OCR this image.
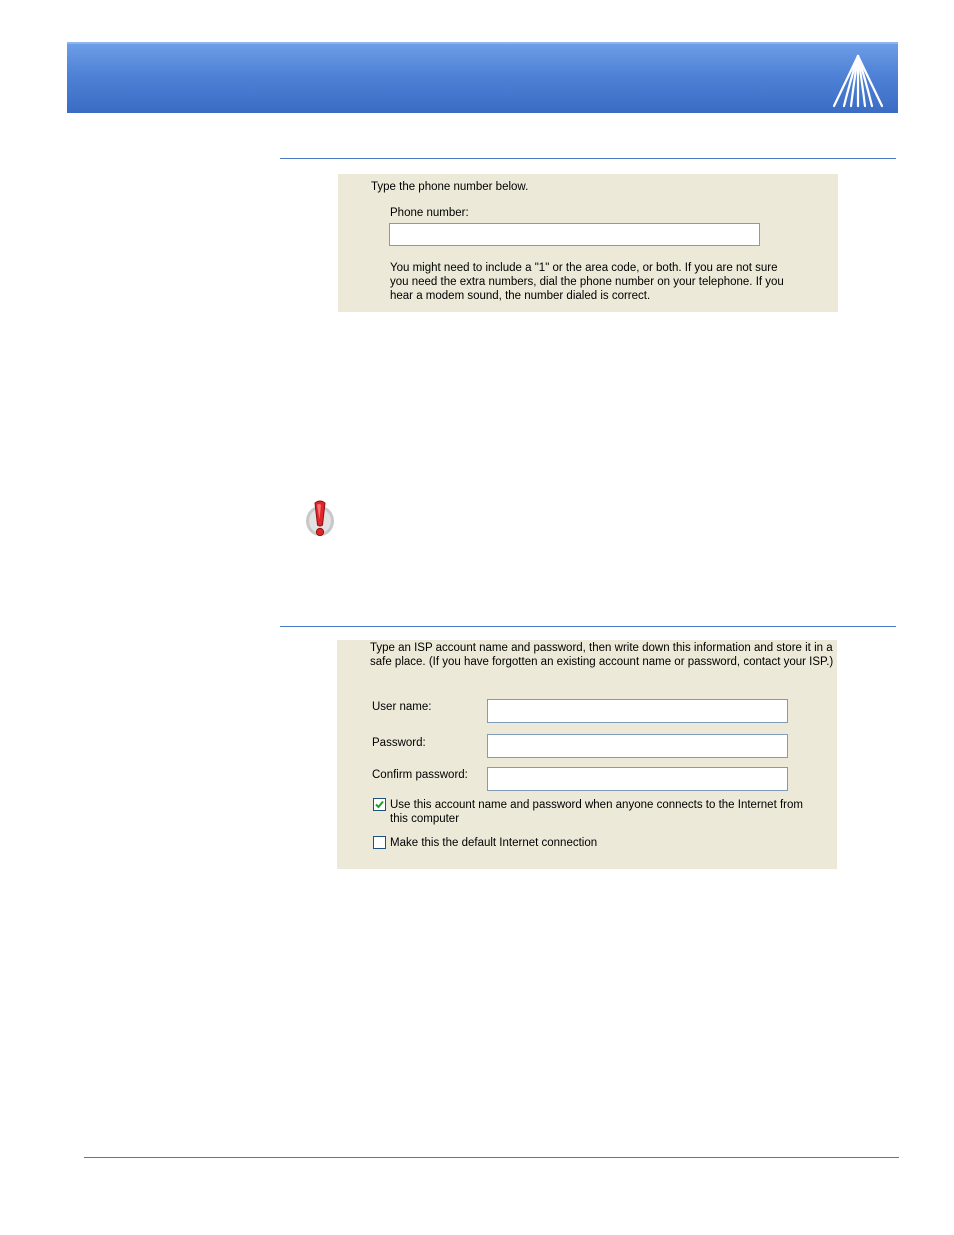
Type the phone number below.
Phone number:
You might need to include a "1" or the area code, or both. If you are not sure
you need the extra numbers, dial the phone number on your telephone. If you
hear a modem sound, the number dialed is correct.
Type an ISP account name and password, then write down this information and store it in a
safe place. (If you have forgotten an existing account name or password, contact your ISP.)
User name:
Password:
Confirm password:
Use this account name and password when anyone connects to the Internet from
this computer
Make this the default Internet connection
